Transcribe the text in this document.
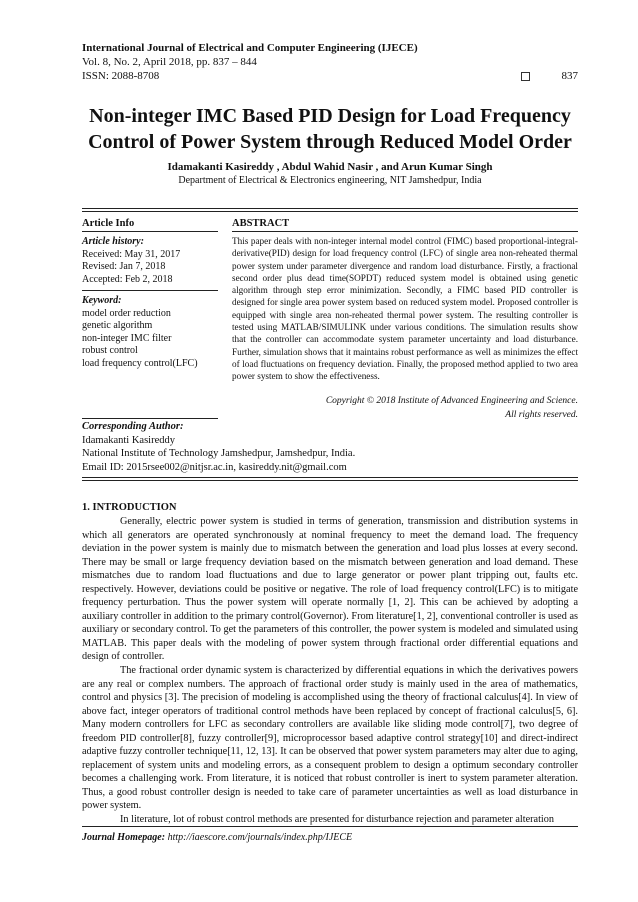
International Journal of Electrical and Computer Engineering (IJECE)
Vol. 8, No. 2, April 2018, pp. 837 – 844
ISSN: 2088-8708	837
Non-integer IMC Based PID Design for Load Frequency
Control of Power System through Reduced Model Order
Idamakanti Kasireddy , Abdul Wahid Nasir , and Arun Kumar Singh
Department of Electrical & Electronics engineering, NIT Jamshedpur, India
Article Info
Article history:
Received: May 31, 2017
Revised: Jan 7, 2018
Accepted: Feb 2, 2018
Keyword:
model order reduction
genetic algorithm
non-integer IMC filter
robust control
load frequency control(LFC)
ABSTRACT
This paper deals with non-integer internal model control (FIMC) based proportional-integral-derivative(PID) design for load frequency control (LFC) of single area non-reheated thermal power system under parameter divergence and random load disturbance. Firstly, a fractional second order plus dead time(SOPDT) reduced system model is obtained using genetic algorithm through step error minimization. Secondly, a FIMC based PID controller is designed for single area power system based on reduced system model. Proposed controller is equipped with single area non-reheated thermal power system. The resulting controller is tested using MATLAB/SIMULINK under various conditions. The simulation results show that the controller can accommodate system parameter uncertainty and load disturbance. Further, simulation shows that it maintains robust performance as well as minimizes the effect of load fluctuations on frequency deviation. Finally, the proposed method applied to two area power system to show the effectiveness.
Copyright © 2018 Institute of Advanced Engineering and Science.
All rights reserved.
Corresponding Author:
Idamakanti Kasireddy
National Institute of Technology Jamshedpur, Jamshedpur, India.
Email ID: 2015rsee002@nitjsr.ac.in, kasireddy.nit@gmail.com
1. INTRODUCTION

Generally, electric power system is studied in terms of generation, transmission and distribution systems in which all generators are operated synchronously at nominal frequency to meet the demand load. The frequency deviation in the power system is mainly due to mismatch between the generation and load plus losses at every second. There may be small or large frequency deviation based on the mismatch between generation and load demand. These mismatches due to random load fluctuations and due to large generator or power plant tripping out, faults etc. respectively. However, deviations could be positive or negative. The role of load frequency control(LFC) is to mitigate frequency perturbation. Thus the power system will operate normally [1, 2]. This can be achieved by adopting a auxiliary controller in addition to the primary control(Governor). From literature[1, 2], conventional controller is used as auxiliary or secondary control. To get the parameters of this controller, the power system is modeled and simulated using MATLAB. This paper deals with the modeling of power system through fractional order differential equations and design of controller.

The fractional order dynamic system is characterized by differential equations in which the derivatives powers are any real or complex numbers. The approach of fractional order study is mainly used in the area of mathematics, control and physics [3]. The precision of modeling is accomplished using the theory of fractional calculus[4]. In view of above fact, integer operators of traditional control methods have been replaced by concept of fractional calculus[5, 6]. Many modern controllers for LFC as secondary controllers are available like sliding mode control[7], two degree of freedom PID controller[8], fuzzy controller[9], microprocessor based adaptive control strategy[10] and direct-indirect adaptive fuzzy controller technique[11, 12, 13]. It can be observed that power system parameters may alter due to aging, replacement of system units and modeling errors, as a consequent problem to design a optimum secondary controller becomes a challenging work. From literature, it is noticed that robust controller is inert to system parameter alteration. Thus, a good robust controller design is needed to take care of parameter uncertainties as well as load disturbance in power system.

In literature, lot of robust control methods are presented for disturbance rejection and parameter alteration

Journal Homepage: http://iaescore.com/journals/index.php/IJECE
